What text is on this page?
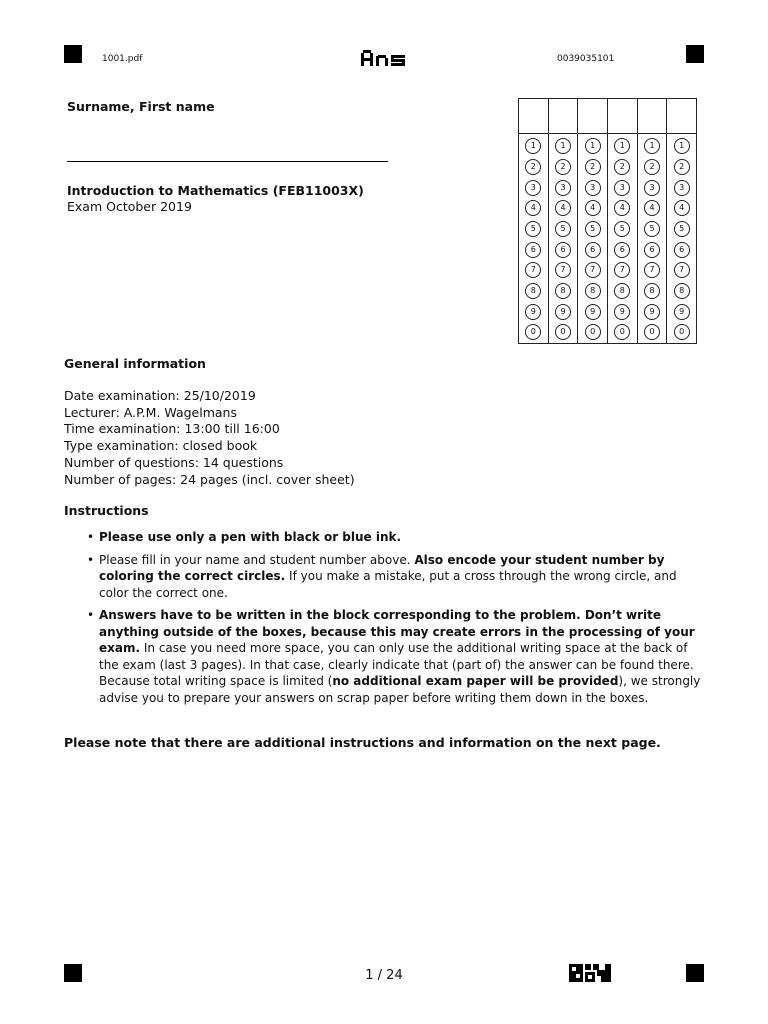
1001.pdf	0039035101
Surname, First name
Introduction to Mathematics (FEB11003X)
Exam October 2019
1
2
3
4
5
6
7
8
9
0
1
2
3
4
5
6
7
8
9
0
1
2
3
4
5
6
7
8
9
0
1
2
3
4
5
6
7
8
9
0
1
2
3
4
5
6
7
8
9
0
1
2
3
4
5
6
7
8
9
0
General information
Date examination: 25/10/2019
Lecturer: A.P.M. Wagelmans
Time examination: 13:00 till 16:00
Type examination: closed book
Number of questions: 14 questions
Number of pages: 24 pages (incl. cover sheet)
Instructions
• Please use only a pen with black or blue ink.
• Please fill in your name and student number above. Also encode your student number by coloring the correct circles. If you make a mistake, put a cross through the wrong circle, and color the correct one.
• Answers have to be written in the block corresponding to the problem. Don’t write anything outside of the boxes, because this may create errors in the processing of your exam. In case you need more space, you can only use the additional writing space at the back of the exam (last 3 pages). In that case, clearly indicate that (part of) the answer can be found there. Because total writing space is limited (no additional exam paper will be provided), we strongly advise you to prepare your answers on scrap paper before writing them down in the boxes.
Please note that there are additional instructions and information on the next page.
1 / 24
